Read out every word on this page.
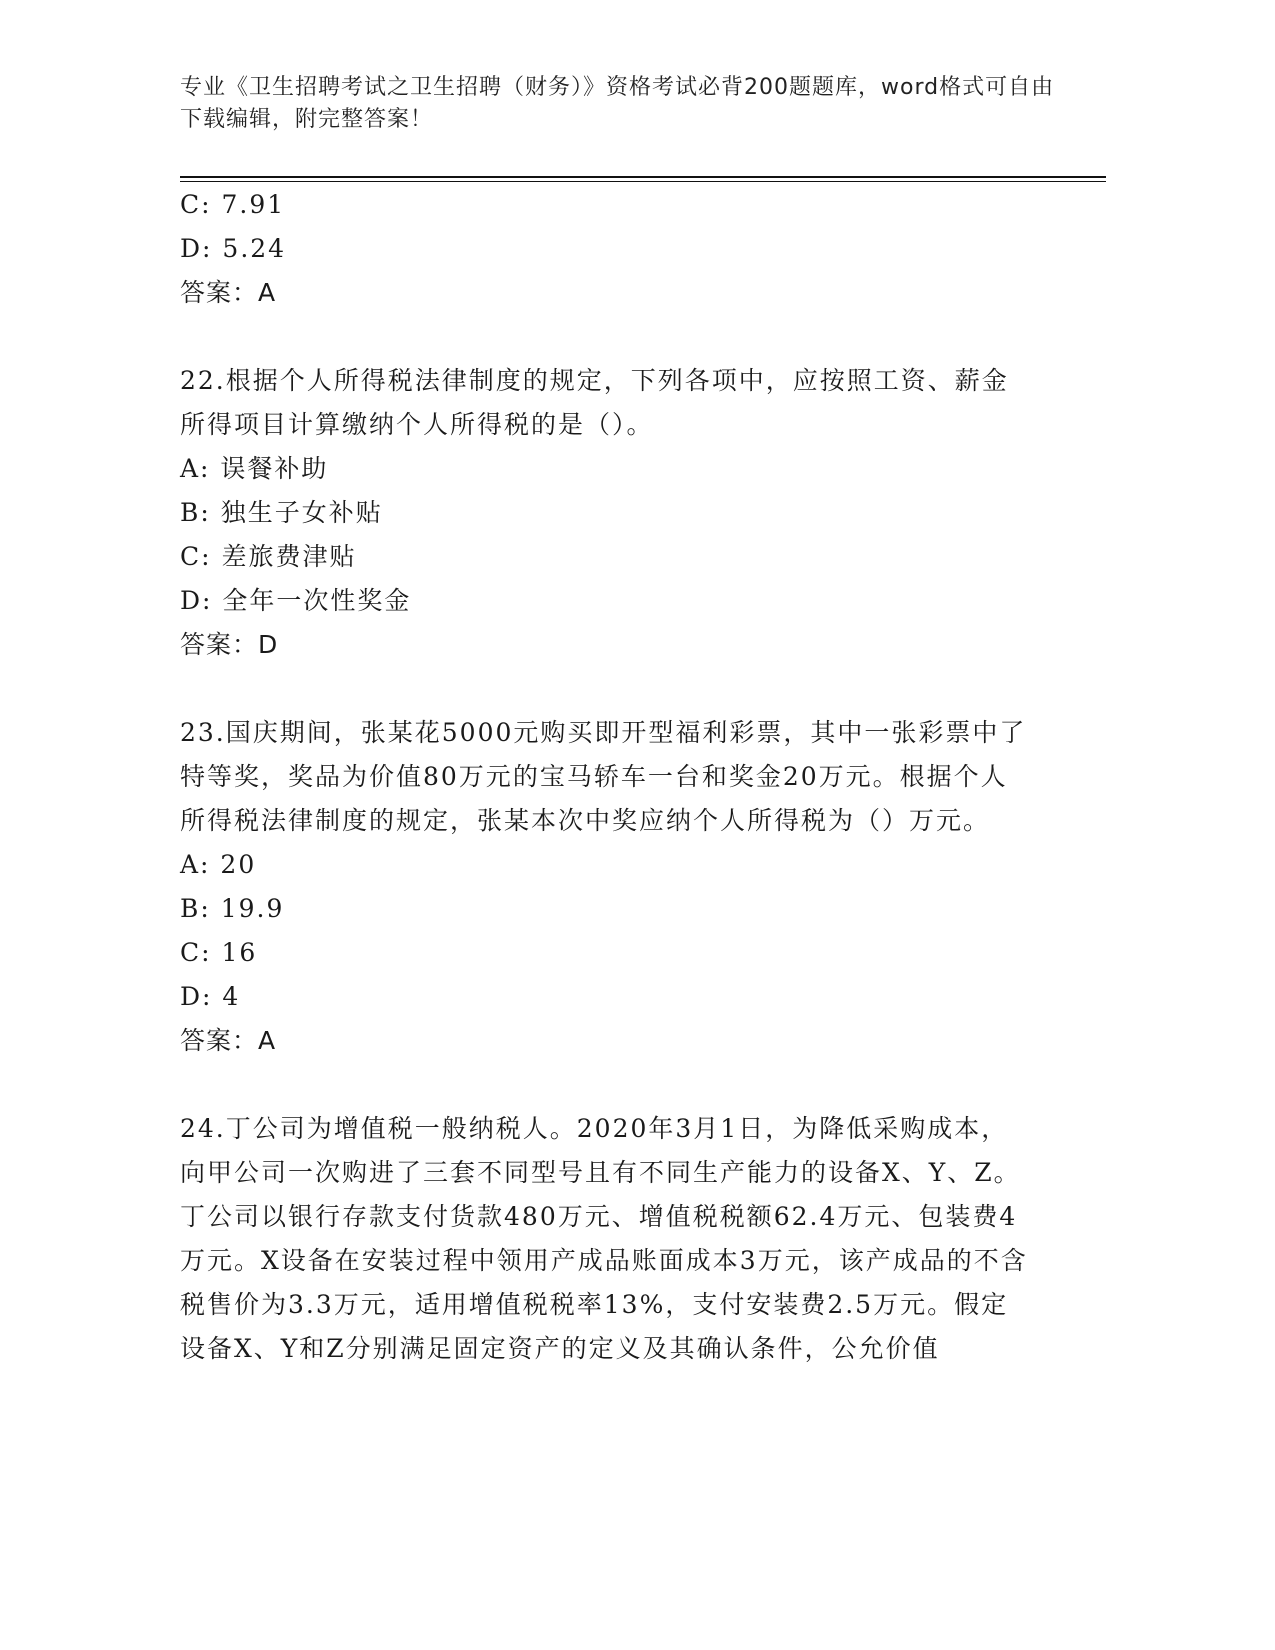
专业《卫生招聘考试之卫生招聘（财务）》资格考试必背200题题库，word格式可自由下载编辑，附完整答案！

C: 7.91

D: 5.24

答案：A

22.根据个人所得税法律制度的规定，下列各项中，应按照工资、薪金所得项目计算缴纳个人所得税的是（）。

A: 误餐补助

B: 独生子女补贴

C: 差旅费津贴

D: 全年一次性奖金

答案：D

23.国庆期间，张某花5000元购买即开型福利彩票，其中一张彩票中了特等奖，奖品为价值80万元的宝马轿车一台和奖金20万元。根据个人所得税法律制度的规定，张某本次中奖应纳个人所得税为（）万元。

A: 20

B: 19.9

C: 16

D: 4

答案：A

24.丁公司为增值税一般纳税人。2020年3月1日，为降低采购成本，向甲公司一次购进了三套不同型号且有不同生产能力的设备X、Y、Z。丁公司以银行存款支付货款480万元、增值税税额62.4万元、包装费4万元。X设备在安装过程中领用产成品账面成本3万元，该产成品的不含税售价为3.3万元，适用增值税税率13%，支付安装费2.5万元。假定设备X、Y和Z分别满足固定资产的定义及其确认条件，公允价值
